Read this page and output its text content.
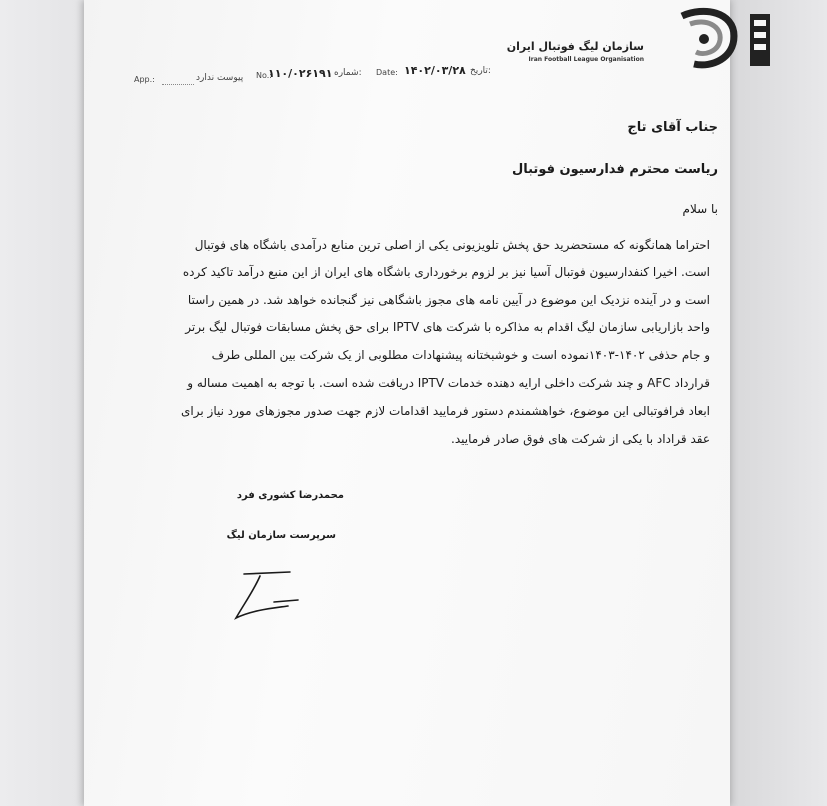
سازمان لیگ فوتبال ایران
Iran Football League Organisation
تاریخ:
۱۴۰۲/۰۳/۲۸
Date:
شماره:
۱۱۰/۰۲۶۱۹۱
No.:
پیوست ندارد
App.:
جناب آقای تاج
ریاست محترم فدارسیون فوتبال
با سلام
احتراما همانگونه که مستحضرید حق پخش تلویزیونی یکی از اصلی ترین منابع درآمدی باشگاه های فوتبال
است. اخیرا کنفدارسیون فوتبال آسیا نیز بر لزوم برخورداری باشگاه های ایران از این منبع درآمد تاکید کرده
است و در آینده نزدیک این موضوع در آیین نامه های مجوز باشگاهی نیز گنجانده خواهد شد. در همین راستا
واحد بازاریابی سازمان لیگ اقدام به مذاکره با شرکت های IPTV برای حق پخش مسابقات فوتبال لیگ برتر
و جام حذفی ۱۴۰۲-۱۴۰۳نموده است و خوشبختانه پیشنهادات مطلوبی از یک شرکت بین المللی طرف
قرارداد AFC و چند شرکت داخلی ارایه دهنده خدمات IPTV دریافت شده است. با توجه به اهمیت مساله و
ابعاد فرافوتبالی این موضوع، خواهشمندم دستور فرمایید اقدامات لازم جهت صدور مجوزهای مورد نیاز برای
عقد قراداد با یکی از شرکت های فوق صادر فرمایید.
محمدرضا کشوری فرد
سرپرست سازمان لیگ
